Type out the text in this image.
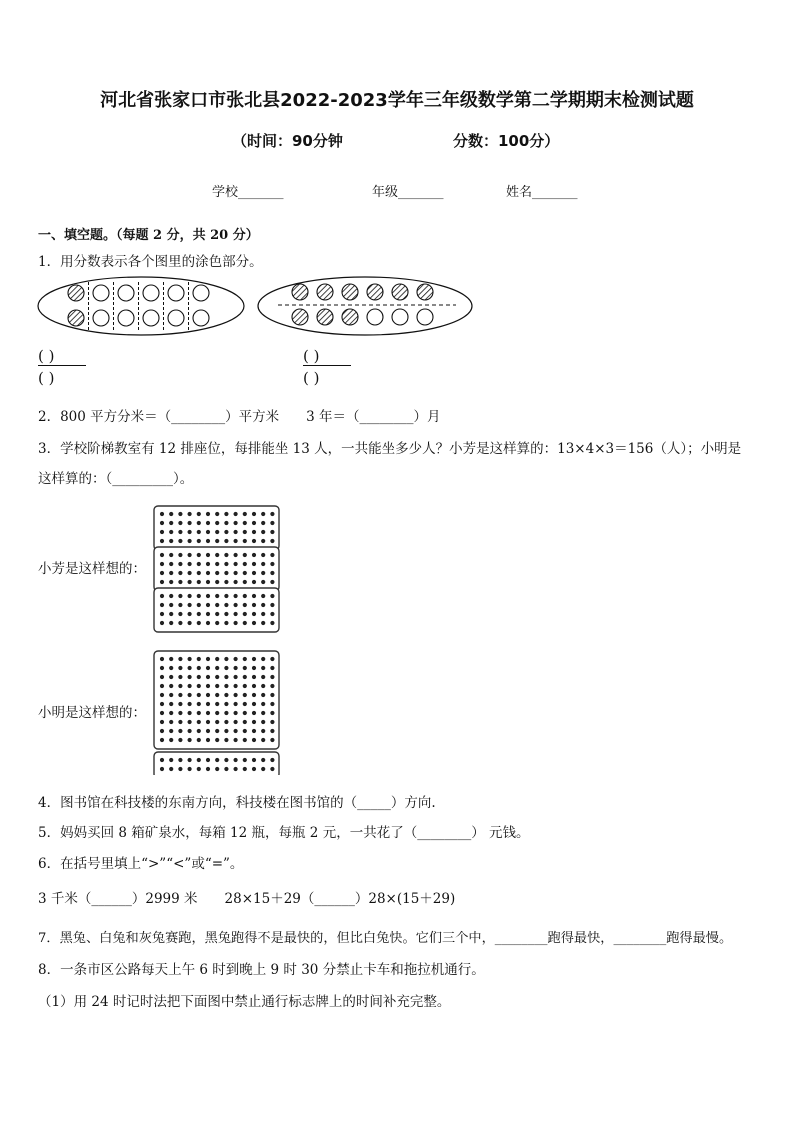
河北省张家口市张北县2022-2023学年三年级数学第二学期期末检测试题
（时间：90分钟	分数：100分）
学校_______	年级_______	姓名_______
一、填空题。（每题 2 分，共 20 分）
1．用分数表示各个图里的涂色部分。
( )
( )
( )
( )
2．800 平方分米＝（________）平方米　　3 年＝（________）月
3．学校阶梯教室有 12 排座位，每排能坐 13 人，一共能坐多少人？小芳是这样算的：13×4×3＝156（人）；小明是
这样算的：（_________）。
小芳是这样想的：
小明是这样想的：
4．图书馆在科技楼的东南方向，科技楼在图书馆的（_____）方向.
5．妈妈买回 8 箱矿泉水，每箱 12 瓶，每瓶 2 元，一共花了（________） 元钱。
6．在括号里填上“>”“<”或“=”。
3 千米（______）2999 米　　28×15＋29（______）28×(15＋29)
7．黑兔、白兔和灰兔赛跑，黑兔跑得不是最快的，但比白兔快。它们三个中，________跑得最快，________跑得最慢。
8．一条市区公路每天上午 6 时到晚上 9 时 30 分禁止卡车和拖拉机通行。
（1）用 24 时记时法把下面图中禁止通行标志牌上的时间补充完整。
